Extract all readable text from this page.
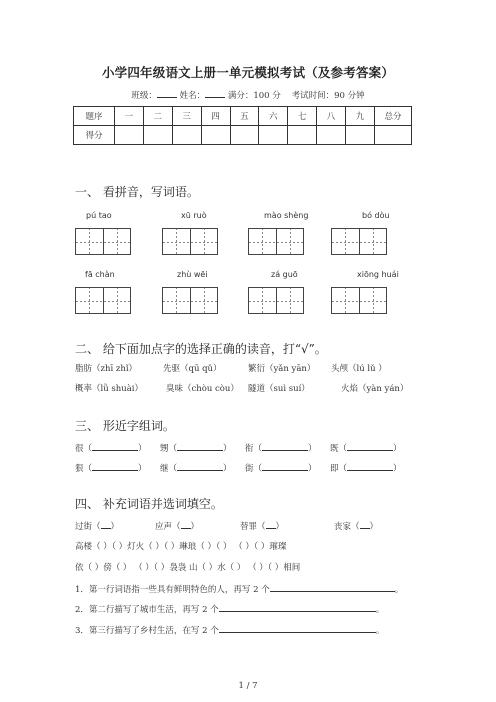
小学四年级语文上册一单元模拟考试（及参考答案）
班级：	姓名：	满分：100 分 考试时间：90 分钟
题序	一	二	三	四	五	六	七	八	九	总分
得分										
一、 看拼音，写词语。
pú tao	xū ruò	mào shèng	bó dòu
fā chàn	zhù wēi	zá guō	xiōng huái
二、 给下面加点字的选择正确的读音，打“√”。
脂肪（zhī zhǐ）	先驱（qū qǔ）	繁衍（yǎn yān） 头颅（lú lǔ ）
概率（lǜ shuài）	臭味（chòu còu） 隧道（suì suí）	火焰（yàn yán）
三、 形近字组词。
很（	） 甥（	） 衔（	） 既（	）
狠（	） 继（	） 街（	） 即（	）
四、 补充词语并选词填空。
过街（ ）	应声（ ）	替罪（ ）	丧家（ ）
高楼（ ）（ ）灯火（ ）（ ）琳琅（ ）（ ） （ ）（ ）璀璨
依（ ）傍（ ） （ ）（ ）袅袅 山（ ）水（ ） （ ）（ ）相间
1．第一行词语指一些具有鲜明特色的人，再写 2 个	。
2．第二行描写了城市生活，再写 2 个	。
3．第三行描写了乡村生活，在写 2 个	。
1 / 7
